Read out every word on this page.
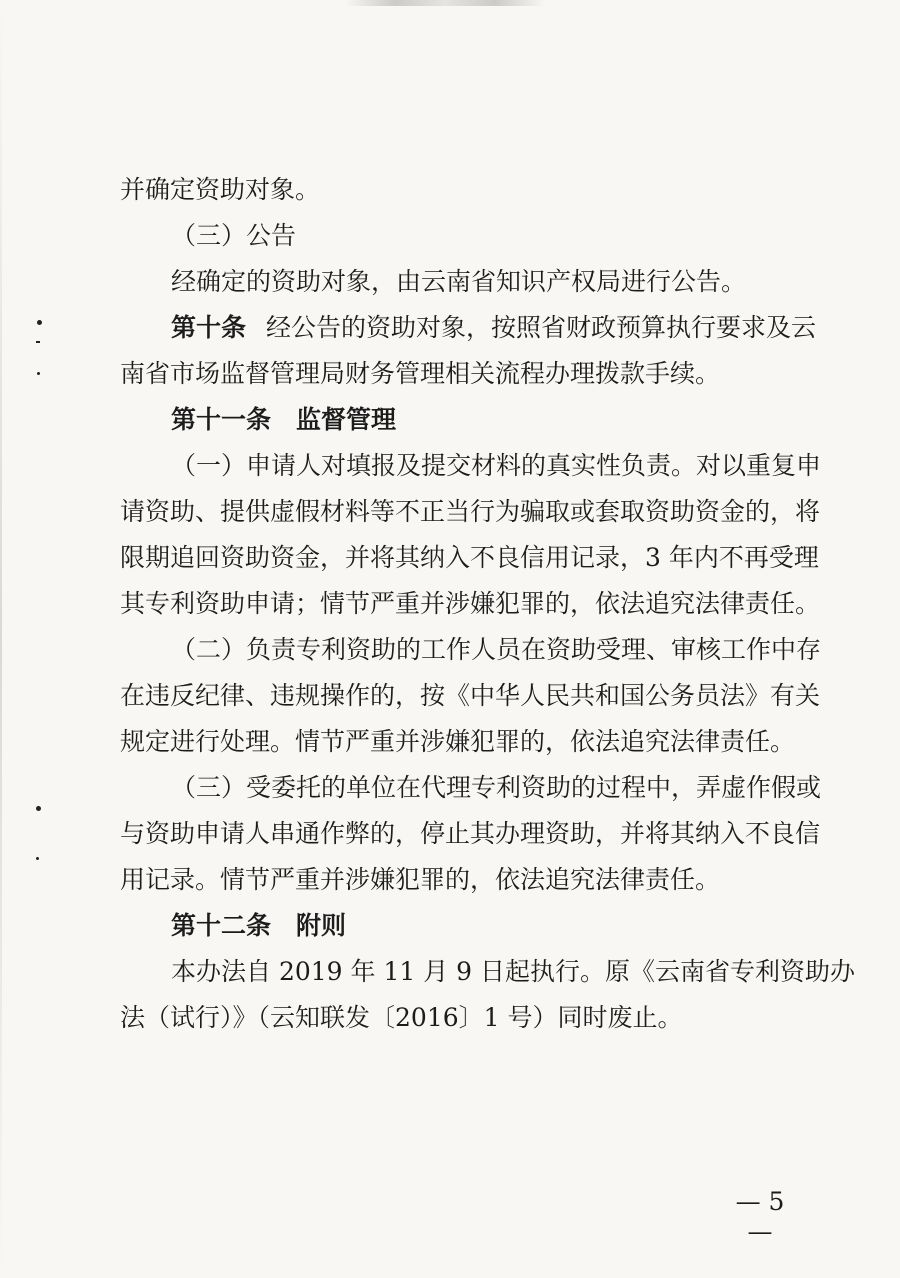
并确定资助对象。
（三）公告
经确定的资助对象，由云南省知识产权局进行公告。
第十条 经公告的资助对象，按照省财政预算执行要求及云
南省市场监督管理局财务管理相关流程办理拨款手续。
第十一条　监督管理
（一）申请人对填报及提交材料的真实性负责。对以重复申
请资助、提供虚假材料等不正当行为骗取或套取资助资金的，将
限期追回资助资金，并将其纳入不良信用记录，3 年内不再受理
其专利资助申请；情节严重并涉嫌犯罪的，依法追究法律责任。
（二）负责专利资助的工作人员在资助受理、审核工作中存
在违反纪律、违规操作的，按《中华人民共和国公务员法》有关
规定进行处理。情节严重并涉嫌犯罪的，依法追究法律责任。
（三）受委托的单位在代理专利资助的过程中，弄虚作假或
与资助申请人串通作弊的，停止其办理资助，并将其纳入不良信
用记录。情节严重并涉嫌犯罪的，依法追究法律责任。
第十二条　附则
本办法自 2019 年 11 月 9 日起执行。原《云南省专利资助办
法（试行）》（云知联发〔2016〕1 号）同时废止。
— 5 —
